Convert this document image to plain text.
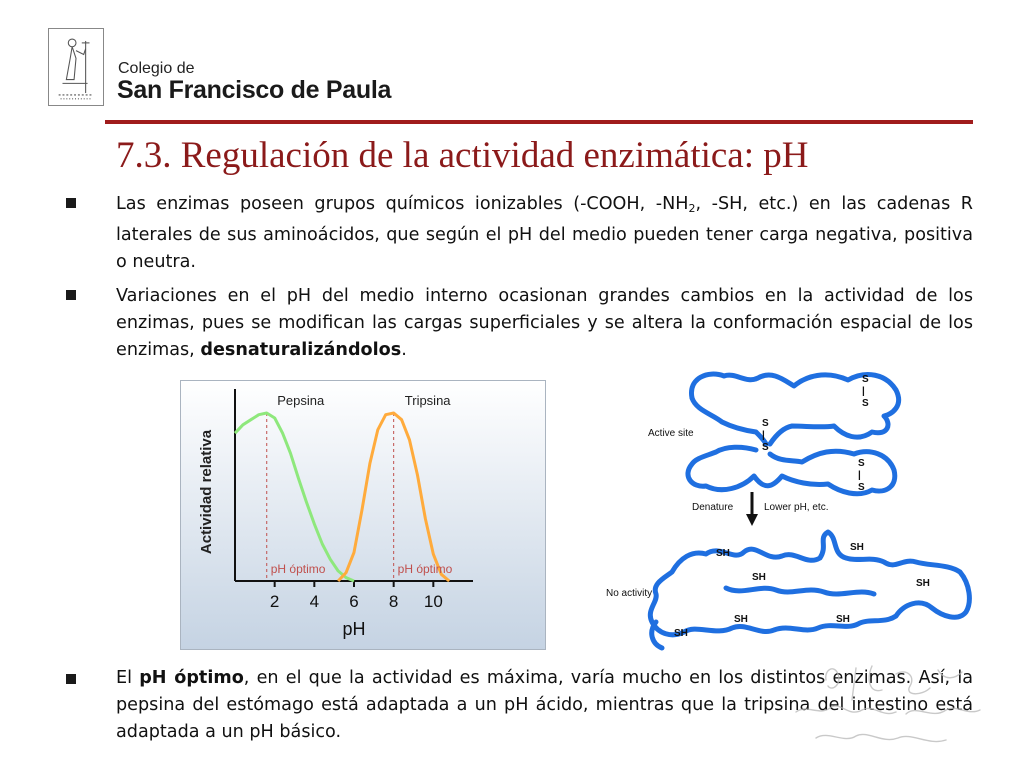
Colegio de
San Francisco de Paula
7.3. Regulación de la actividad enzimática: pH
Las enzimas poseen grupos químicos ionizables (-COOH, $-NH_2$, -SH, etc.) en las cadenas R laterales de sus aminoácidos, que según el pH del medio pueden tener carga negativa, positiva o neutra.
Variaciones en el pH del medio interno ocasionan grandes cambios en la actividad de los enzimas, pues se modifican las cargas superficiales y se altera la conformación espacial de los enzimas, desnaturalizándolos.
El pH óptimo, en el que la actividad es máxima, varía mucho en los distintos enzimas. Así, la pepsina del estómago está adaptada a un pH ácido, mientras que la tripsina del intestino está adaptada a un pH básico.
2 4 6 8 10
pH
Actividad relativa
Pepsina	Tripsina
pH óptimo	pH óptimo
S
|
S
S
|
S
S
|
S
Active site
Denature	Lower pH, etc.
No activity
SH
SH
SH
SH
SH
SH	SH
